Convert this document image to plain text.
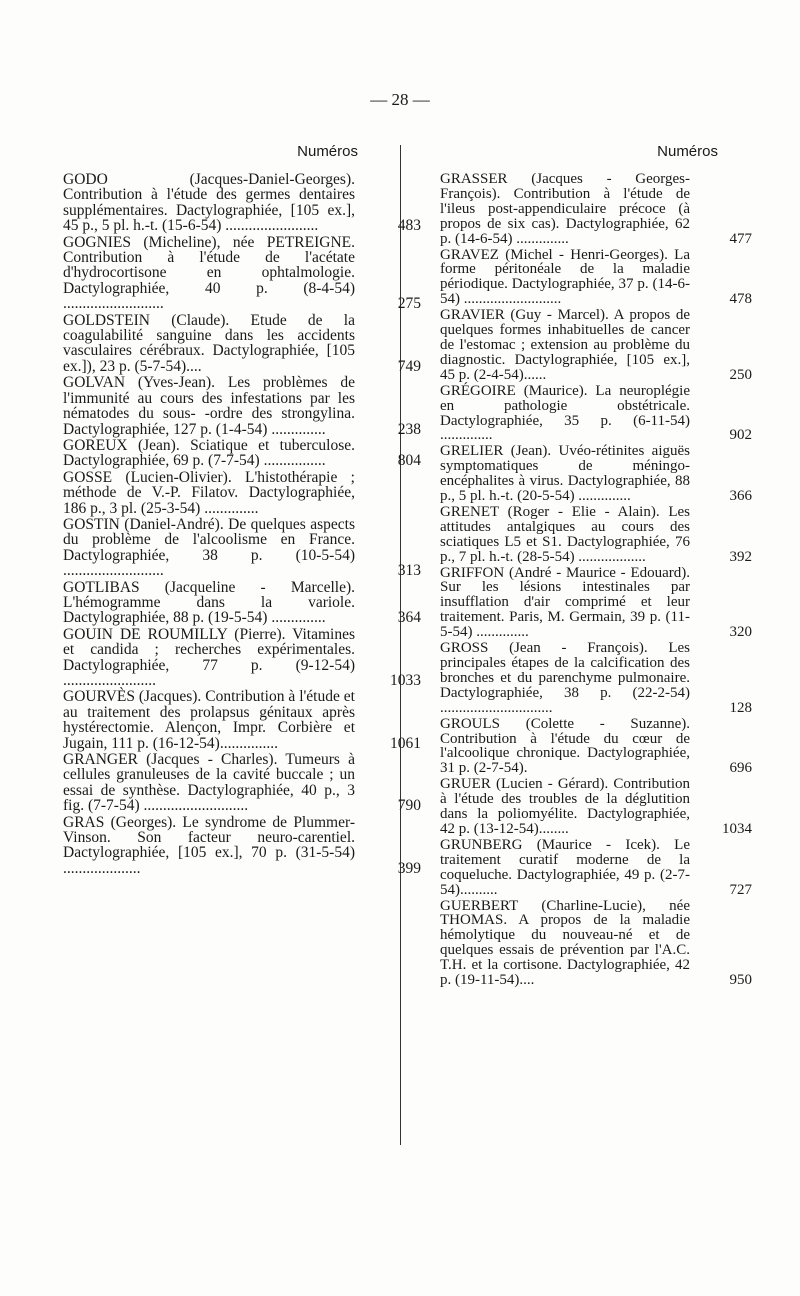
— 28 —
Numéros	Numéros
GODO (Jacques-Daniel-Georges). Contribution à l'étude des germes dentaires supplémentaires. Dactylographiée, [105 ex.], 45 p., 5 pl. h.-t. (15-6-54) ........................	483
GOGNIES (Micheline), née PETREIGNE. Contribution à l'étude de l'acétate d'hydrocortisone en ophtalmologie. Dactylographiée, 40 p. (8-4-54) ..........................	275
GOLDSTEIN (Claude). Etude de la coagulabilité sanguine dans les accidents vasculaires cérébraux. Dactylographiée, [105 ex.]), 23 p. (5-7-54)....	749
GOLVAN (Yves-Jean). Les problèmes de l'immunité au cours des infestations par les nématodes du sous- -ordre des strongylina. Dactylographiée, 127 p. (1-4-54) ..............	238
GOREUX (Jean). Sciatique et tuberculose. Dactylographiée, 69 p. (7-7-54) ................	804
GOSSE (Lucien-Olivier). L'histothérapie ; méthode de V.-P. Filatov. Dactylographiée, 186 p., 3 pl. (25-3-54) ..............
GOSTIN (Daniel-André). De quelques aspects du problème de l'alcoolisme en France. Dactylographiée, 38 p. (10-5-54) ..........................	313
GOTLIBAS (Jacqueline - Marcelle). L'hémogramme dans la variole. Dactylographiée, 88 p. (19-5-54) ..............	364
GOUIN DE ROUMILLY (Pierre). Vitamines et candida ; recherches expérimentales. Dactylographiée, 77 p. (9-12-54) ........................	1033
GOURVÈS (Jacques). Contribution à l'étude et au traitement des prolapsus génitaux après hystérectomie. Alençon, Impr. Corbière et Jugain, 111 p. (16-12-54)...............	1061
GRANGER (Jacques - Charles). Tumeurs à cellules granuleuses de la cavité buccale ; un essai de synthèse. Dactylographiée, 40 p., 3 fig. (7-7-54) ...........................	790
GRAS (Georges). Le syndrome de Plummer-Vinson. Son facteur neuro-carentiel. Dactylographiée, [105 ex.], 70 p. (31-5-54) ....................	399
GRASSER (Jacques - Georges-François). Contribution à l'étude de l'ileus post-appendiculaire précoce (à propos de six cas). Dactylographiée, 62 p. (14-6-54) ..............	477
GRAVEZ (Michel - Henri-Georges). La forme péritonéale de la maladie périodique. Dactylographiée, 37 p. (14-6-54) ..........................	478
GRAVIER (Guy - Marcel). A propos de quelques formes inhabituelles de cancer de l'estomac ; extension au problème du diagnostic. Dactylographiée, [105 ex.], 45 p. (2-4-54)......	250
GRÉGOIRE (Maurice). La neuroplégie en pathologie obstétricale. Dactylographiée, 35 p. (6-11-54) ..............	902
GRELIER (Jean). Uvéo-rétinites aiguës symptomatiques de méningo-encéphalites à virus. Dactylographiée, 88 p., 5 pl. h.-t. (20-5-54) ..............	366
GRENET (Roger - Elie - Alain). Les attitudes antalgiques au cours des sciatiques L5 et S1. Dactylographiée, 76 p., 7 pl. h.-t. (28-5-54) ..................	392
GRIFFON (André - Maurice - Edouard). Sur les lésions intestinales par insufflation d'air comprimé et leur traitement. Paris, M. Germain, 39 p. (11-5-54) ..............	320
GROSS (Jean - François). Les principales étapes de la calcification des bronches et du parenchyme pulmonaire. Dactylographiée, 38 p. (22-2-54) ..............................	128
GROULS (Colette - Suzanne). Contribution à l'étude du cœur de l'alcoolique chronique. Dactylographiée, 31 p. (2-7-54).	696
GRUER (Lucien - Gérard). Contribution à l'étude des troubles de la déglutition dans la poliomyélite. Dactylographiée, 42 p. (13-12-54)........	1034
GRUNBERG (Maurice - Icek). Le traitement curatif moderne de la coqueluche. Dactylographiée, 49 p. (2-7-54)..........	727
GUERBERT (Charline-Lucie), née THOMAS. A propos de la maladie hémolytique du nouveau-né et de quelques essais de prévention par l'A.C. T.H. et la cortisone. Dactylographiée, 42 p. (19-11-54)....	950
